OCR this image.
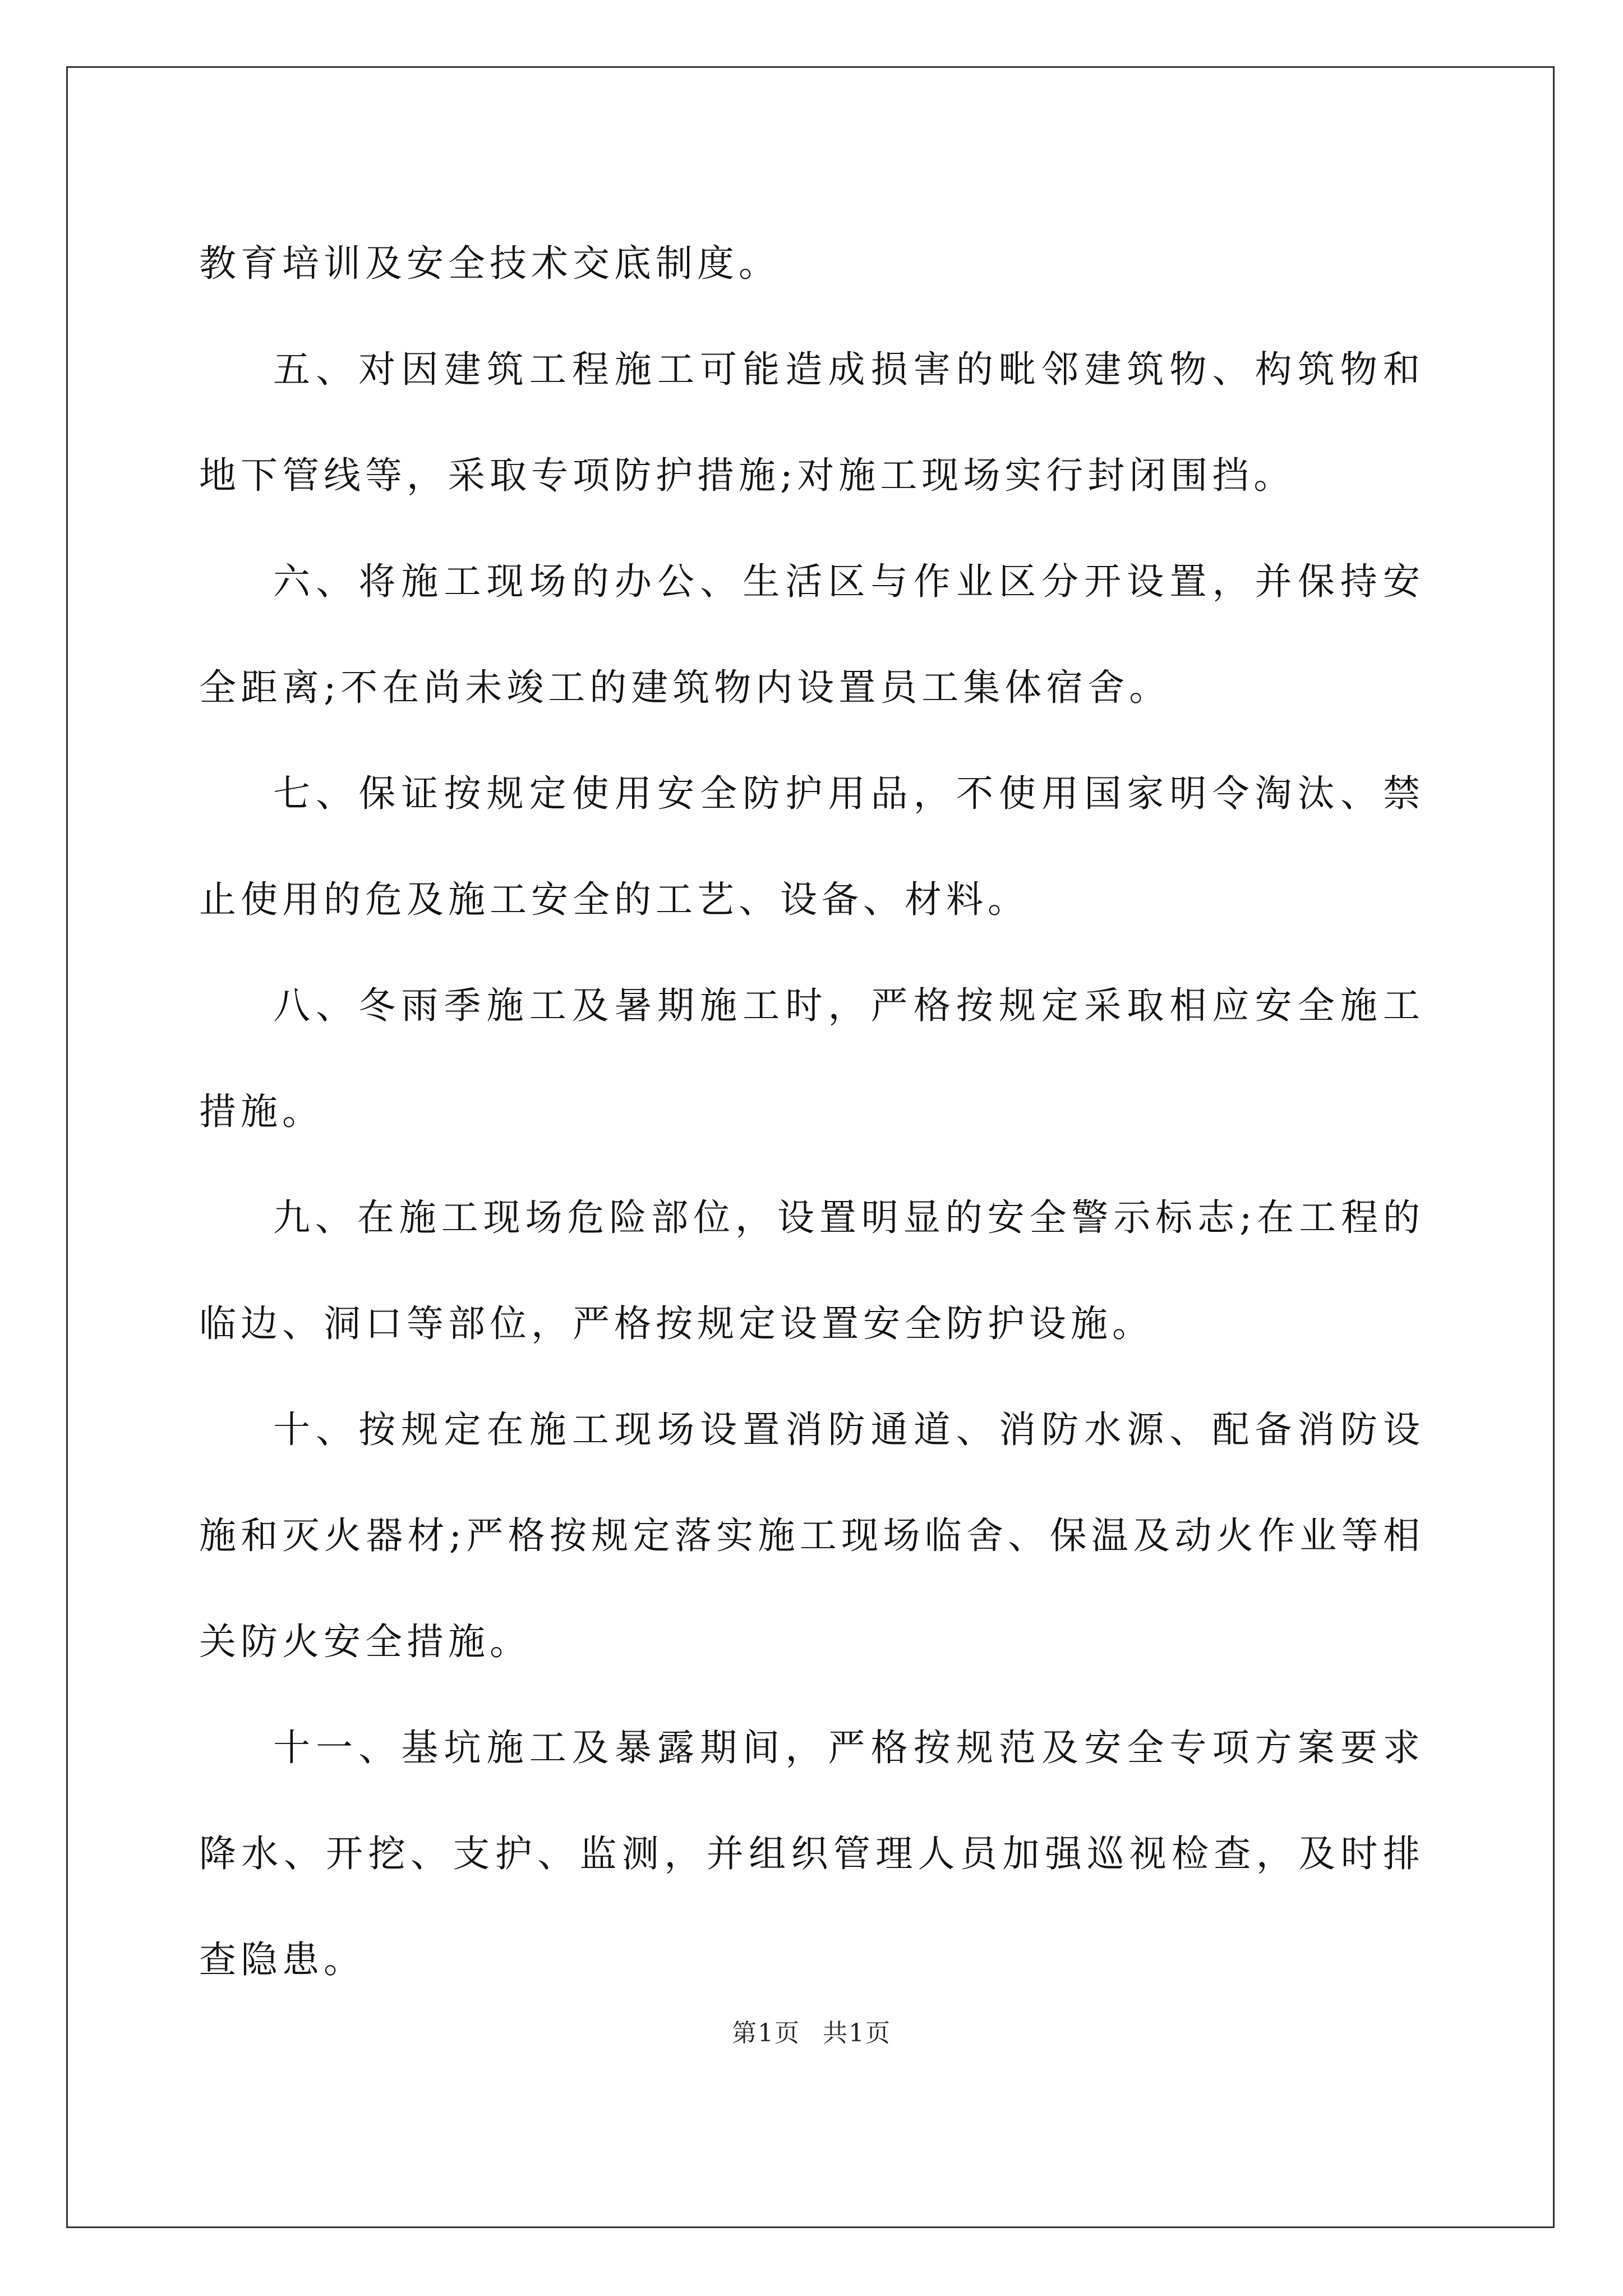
教育培训及安全技术交底制度。

五、对因建筑工程施工可能造成损害的毗邻建筑物、构筑物和地下管线等，采取专项防护措施;对施工现场实行封闭围挡。

六、将施工现场的办公、生活区与作业区分开设置，并保持安全距离;不在尚未竣工的建筑物内设置员工集体宿舍。

七、保证按规定使用安全防护用品，不使用国家明令淘汰、禁止使用的危及施工安全的工艺、设备、材料。

八、冬雨季施工及暑期施工时，严格按规定采取相应安全施工措施。

九、在施工现场危险部位，设置明显的安全警示标志;在工程的临边、洞口等部位，严格按规定设置安全防护设施。

十、按规定在施工现场设置消防通道、消防水源、配备消防设施和灭火器材;严格按规定落实施工现场临舍、保温及动火作业等相关防火安全措施。

十一、基坑施工及暴露期间，严格按规范及安全专项方案要求降水、开挖、支护、监测，并组织管理人员加强巡视检查，及时排查隐患。

第1页 共1页
